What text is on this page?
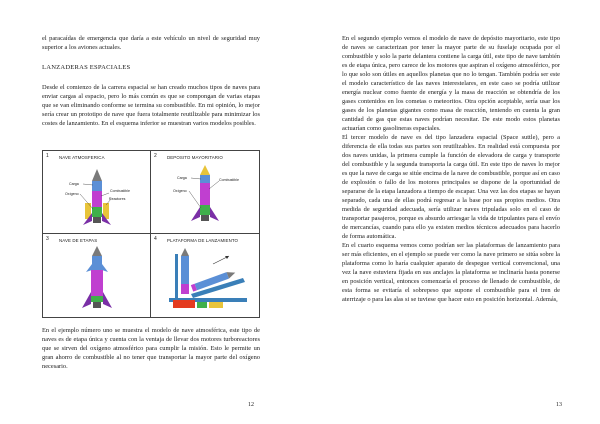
el paracaídas de emergencia que daría a este vehículo un nivel de seguridad muy superior a los aviones actuales.
LANZADERAS ESPACIALES
Desde el comienzo de la carrera espacial se han creado muchos tipos de naves para enviar cargas al espacio, pero lo más común es que se compongan de varias etapas que se van eliminando conforme se termina su combustible. En mi opinión, lo mejor sería crear un prototipo de nave que fuera totalmente reutilizable para minimizar los costes de lanzamiento. En el esquema inferior se muestran varios modelos posibles.
1 NAVE ATMOSFERICA
Carga
Combustible
Oxígeno
Reactores
2 DEPOSITO MAYORITARIO
Carga	Combustible
Oxígeno
3 NAVE DE ETAPAS	4 PLATAFORMA DE LANZAMIENTO
En el ejemplo número uno se muestra el modelo de nave atmosférica, este tipo de naves es de etapa única y cuenta con la ventaja de llevar dos motores turboreactores que se sirven del oxígeno atmosférico para cumplir la misión. Esto le permite un gran ahorro de combustible al no tener que transportar la mayor parte del oxígeno necesario.
12

En el segundo ejemplo vemos el modelo de nave de depósito mayoritario, este tipo de naves se caracterizan por tener la mayor parte de su fuselaje ocupada por el combustible y solo la parte delantera contiene la carga útil, este tipo de nave también es de etapa única, pero carece de los motores que aspiran el oxígeno atmosférico, por lo que solo son útiles en aquellos planetas que no lo tengan. También podría ser este el modelo característico de las naves interestelares, en este caso se podría utilizar energía nuclear como fuente de energía y la masa de reacción se obtendría de los gases contenidos en los cometas o meteoritos. Otra opción aceptable, sería usar los gases de los planetas gigantes como masa de reacción, teniendo en cuenta la gran cantidad de gas que estas naves podrían necesitar. De este modo estos planetas actuarían como gasolineras espaciales.

El tercer modelo de nave es del tipo lanzadera espacial (Space suttle), pero a diferencia de ella todas sus partes son reutilizables. En realidad está compuesta por dos naves unidas, la primera cumple la función de elevadora de carga y transporte del combustible y la segunda transporta la carga útil. En este tipo de naves lo mejor es que la nave de carga se sitúe encima de la nave de combustible, porque así en caso de explosión o fallo de los motores principales se dispone de la oportunidad de separarse de la etapa lanzadora a tiempo de escapar. Una vez las dos etapas se hayan separado, cada una de ellas podrá regresar a la base por sus propios medios. Otra medida de seguridad adecuada, sería utilizar naves tripuladas solo en el caso de transportar pasajeros, porque es absurdo arriesgar la vida de tripulantes para el envío de mercancías, cuando para ello ya existen medios técnicos adecuados para hacerlo de forma automática.

En el cuarto esquema vemos como podrían ser las plataformas de lanzamiento para ser más eficientes, en el ejemplo se puede ver como la nave primero se sitúa sobre la plataforma como lo haría cualquier aparato de despegue vertical convencional, una vez la nave estuviera fijada en sus anclajes la plataforma se inclinaría hasta ponerse en posición vertical, entonces comenzaría el proceso de llenado de combustible, de esta forma se evitaría el sobrepeso que supone el combustible para el tren de aterrizaje o para las alas si se tuviese que hacer esto en posición horizontal. Además,

13
